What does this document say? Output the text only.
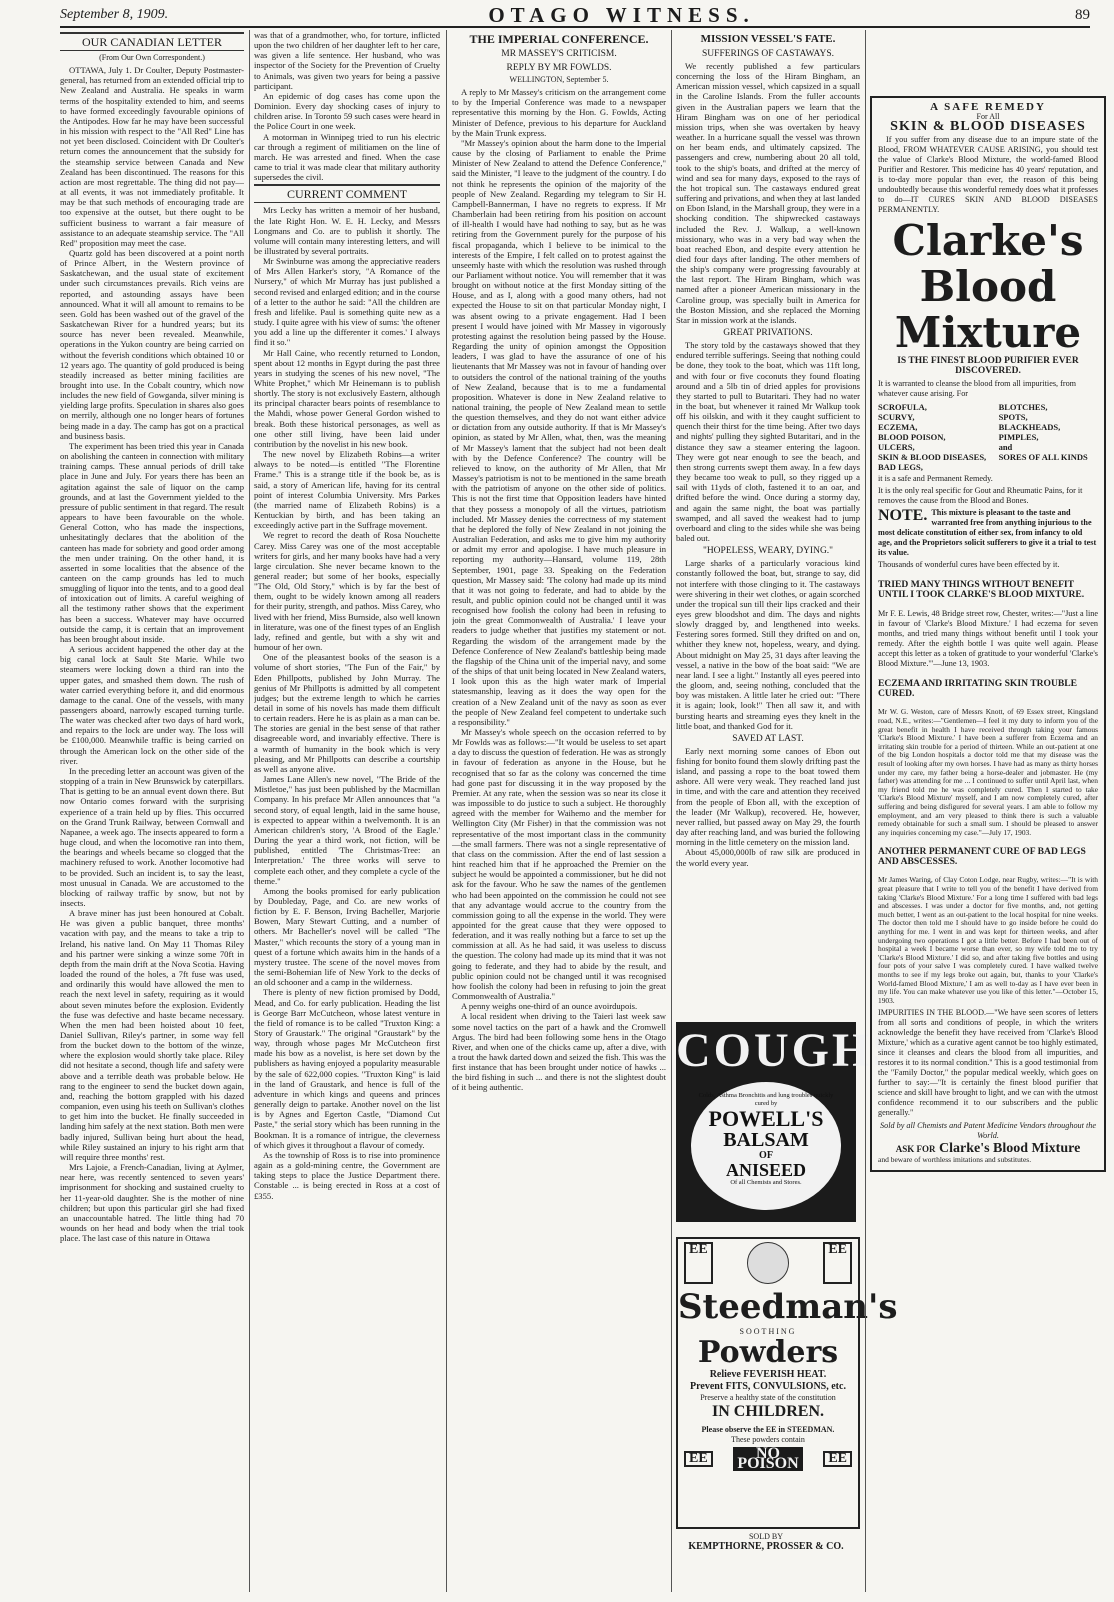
September 8, 1909.	OTAGO WITNESS.	89
OUR CANADIAN LETTER

(From Our Own Correspondent.)

OTTAWA, July 1. Dr Coulter, Deputy Postmaster-general, has returned from an extended official trip to New Zealand and Australia. He speaks in warm terms of the hospitality extended to him, and seems to have formed exceedingly favourable opinions of the Antipodes. How far he may have been successful in his mission with respect to the "All Red" Line has not yet been disclosed. Coincident with Dr Coulter's return comes the announcement that the subsidy for the steamship service between Canada and New Zealand has been discontinued. The reasons for this action are most regrettable. The thing did not pay—at all events, it was not immediately profitable. It may be that such methods of encouraging trade are too expensive at the outset, but there ought to be sufficient business to warrant a fair measure of assistance to an adequate steamship service. The "All Red" proposition may meet the case.

Quartz gold has been discovered at a point north of Prince Albert, in the Western province of Saskatchewan, and the usual state of excitement under such circumstances prevails. Rich veins are reported, and astounding assays have been announced. What it will all amount to remains to be seen. Gold has been washed out of the gravel of the Saskatchewan River for a hundred years; but its source has never been revealed. Meanwhile, operations in the Yukon country are being carried on without the feverish conditions which obtained 10 or 12 years ago. The quantity of gold produced is being steadily increased as better mining facilities are brought into use. In the Cobalt country, which now includes the new field of Gowganda, silver mining is yielding large profits. Speculation in shares also goes on merrily, although one no longer hears of fortunes being made in a day. The camp has got on a practical and business basis.

The experiment has been tried this year in Canada on abolishing the canteen in connection with military training camps. These annual periods of drill take place in June and July. For years there has been an agitation against the sale of liquor on the camp grounds, and at last the Government yielded to the pressure of public sentiment in that regard. The result appears to have been favourable on the whole. General Cotton, who has made the inspections, unhesitatingly declares that the abolition of the canteen has made for sobriety and good order among the men under training. On the other hand, it is asserted in some localities that the absence of the canteen on the camp grounds has led to much smuggling of liquor into the tents, and to a good deal of intoxication out of limits. A careful weighing of all the testimony rather shows that the experiment has been a success. Whatever may have occurred outside the camp, it is certain that an improvement has been brought about inside.

A serious accident happened the other day at the big canal lock at Sault Ste Marie. While two steamers were locking down a third ran into the upper gates, and smashed them down. The rush of water carried everything before it, and did enormous damage to the canal. One of the vessels, with many passengers aboard, narrowly escaped turning turtle. The water was checked after two days of hard work, and repairs to the lock are under way. The loss will be £100,000. Meanwhile traffic is being carried on through the American lock on the other side of the river.

In the preceding letter an account was given of the stopping of a train in New Brunswick by caterpillars. That is getting to be an annual event down there. But now Ontario comes forward with the surprising experience of a train held up by flies. This occurred on the Grand Trunk Railway, between Cornwall and Napanee, a week ago. The insects appeared to form a huge cloud, and when the locomotive ran into them, the bearings and wheels became so clogged that the machinery refused to work. Another locomotive had to be provided. Such an incident is, to say the least, most unusual in Canada. We are accustomed to the blocking of railway traffic by snow, but not by insects.

A brave miner has just been honoured at Cobalt. He was given a public banquet, three months' vacation with pay, and the means to take a trip to Ireland, his native land. On May 11 Thomas Riley and his partner were sinking a winze some 70ft in depth from the main drift at the Nova Scotia. Having loaded the round of the holes, a 7ft fuse was used, and ordinarily this would have allowed the men to reach the next level in safety, requiring as it would about seven minutes before the explosion. Evidently the fuse was defective and haste became necessary. When the men had been hoisted about 10 feet, Daniel Sullivan, Riley's partner, in some way fell from the bucket down to the bottom of the winze, where the explosion would shortly take place. Riley did not hesitate a second, though life and safety were above and a terrible death was probable below. He rang to the engineer to send the bucket down again, and, reaching the bottom grappled with his dazed companion, even using his teeth on Sullivan's clothes to get him into the bucket. He finally succeeded in landing him safely at the next station. Both men were badly injured, Sullivan being hurt about the head, while Riley sustained an injury to his right arm that will require three months' rest.

Mrs Lajoie, a French-Canadian, living at Aylmer, near here, was recently sentenced to seven years' imprisonment for shocking and sustained cruelty to her 11-year-old daughter. She is the mother of nine children; but upon this particular girl she had fixed an unaccountable hatred. The little thing had 70 wounds on her head and body when the trial took place. The last case of this nature in Ottawa

was that of a grandmother, who, for torture, inflicted upon the two children of her daughter left to her care, was given a life sentence. Her husband, who was inspector of the Society for the Prevention of Cruelty to Animals, was given two years for being a passive participant.

An epidemic of dog cases has come upon the Dominion. Every day shocking cases of injury to children arise. In Toronto 59 such cases were heard in the Police Court in one week.

A motorman in Winnipeg tried to run his electric car through a regiment of militiamen on the line of march. He was arrested and fined. When the case came to trial it was made clear that military authority supersedes the civil.

CURRENT COMMENT

Mrs Lecky has written a memoir of her husband, the late Right Hon. W. E. H. Lecky, and Messrs Longmans and Co. are to publish it shortly. The volume will contain many interesting letters, and will be illustrated by several portraits.

Mr Swinburne was among the appreciative readers of Mrs Allen Harker's story, "A Romance of the Nursery," of which Mr Murray has just published a second revised and enlarged edition; and in the course of a letter to the author he said: "All the children are fresh and lifelike. Paul is something quite new as a study. I quite agree with his view of sums: 'the oftener you add a line up the differenter it comes.' I always find it so."

Mr Hall Caine, who recently returned to London, spent about 12 months in Egypt during the past three years in studying the scenes of his new novel, "The White Prophet," which Mr Heinemann is to publish shortly. The story is not exclusively Eastern, although its principal character bears points of resemblance to the Mahdi, whose power General Gordon wished to break. Both these historical personages, as well as one other still living, have been laid under contribution by the novelist in his new book.

The new novel by Elizabeth Robins—a writer always to be noted—is entitled "The Florentine Frame." This is a strange title if the book be, as is said, a story of American life, having for its central point of interest Columbia University. Mrs Parkes (the married name of Elizabeth Robins) is a Kentuckian by birth, and has been taking an exceedingly active part in the Suffrage movement.

We regret to record the death of Rosa Nouchette Carey. Miss Carey was one of the most acceptable writers for girls, and her many books have had a very large circulation. She never became known to the general reader; but some of her books, especially "The Old, Old Story," which is by far the best of them, ought to be widely known among all readers for their purity, strength, and pathos. Miss Carey, who lived with her friend, Miss Burnside, also well known in literature, was one of the finest types of an English lady, refined and gentle, but with a shy wit and humour of her own.

One of the pleasantest books of the season is a volume of short stories, "The Fun of the Fair," by Eden Phillpotts, published by John Murray. The genius of Mr Phillpotts is admitted by all competent judges; but the extreme length to which he carries detail in some of his novels has made them difficult to certain readers. Here he is as plain as a man can be. The stories are genial in the best sense of that rather disagreeable word, and invariably effective. There is a warmth of humanity in the book which is very pleasing, and Mr Phillpotts can describe a courtship as well as anyone alive.

James Lane Allen's new novel, "The Bride of the Mistletoe," has just been published by the Macmillan Company. In his preface Mr Allen announces that "a second story, of equal length, laid in the same house, is expected to appear within a twelvemonth. It is an American children's story, 'A Brood of the Eagle.' During the year a third work, not fiction, will be published, entitled 'The Christmas-Tree: an Interpretation.' The three works will serve to complete each other, and they complete a cycle of the theme."

Among the books promised for early publication by Doubleday, Page, and Co. are new works of fiction by E. F. Benson, Irving Bacheller, Marjorie Bowen, Mary Stewart Cutting, and a number of others. Mr Bacheller's novel will be called "The Master," which recounts the story of a young man in quest of a fortune which awaits him in the hands of a mystery trustee. The scene of the novel moves from the semi-Bohemian life of New York to the decks of an old schooner and a camp in the wilderness.

There is plenty of new fiction promised by Dodd, Mead, and Co. for early publication. Heading the list is George Barr McCutcheon, whose latest venture in the field of romance is to be called "Truxton King: a Story of Graustark." The original "Graustark" by the way, through whose pages Mr McCutcheon first made his bow as a novelist, is here set down by the publishers as having enjoyed a popularity measurable by the sale of 622,000 copies. "Truxton King" is laid in the land of Graustark, and hence is full of the adventure in which kings and queens and princes generally deign to partake. Another novel on the list is by Agnes and Egerton Castle, "Diamond Cut Paste," the serial story which has been running in the Bookman. It is a romance of intrigue, the cleverness of which gives it throughout a flavour of comedy.

As the township of Ross is to rise into prominence again as a gold-mining centre, the Government are taking steps to place the Justice Department there. Constable ... is being erected in Ross at a cost of £355.

THE IMPERIAL CONFERENCE.
MR MASSEY'S CRITICISM.
REPLY BY MR FOWLDS.

WELLINGTON, September 5.

A reply to Mr Massey's criticism on the arrangement come to by the Imperial Conference was made to a newspaper representative this morning by the Hon. G. Fowlds, Acting Minister of Defence, previous to his departure for Auckland by the Main Trunk express.

"Mr Massey's opinion about the harm done to the Imperial cause by the closing of Parliament to enable the Prime Minister of New Zealand to attend the Defence Conference," said the Minister, "I leave to the judgment of the country. I do not think he represents the opinion of the majority of the people of New Zealand. Regarding my telegram to Sir H. Campbell-Bannerman, I have no regrets to express. If Mr Chamberlain had been retiring from his position on account of ill-health I would have had nothing to say, but as he was retiring from the Government purely for the purpose of his fiscal propaganda, which I believe to be inimical to the interests of the Empire, I felt called on to protest against the unseemly haste with which the resolution was rushed through our Parliament without notice. You will remember that it was brought on without notice at the first Monday sitting of the House, and as I, along with a good many others, had not expected the House to sit on that particular Monday night, I was absent owing to a private engagement. Had I been present I would have joined with Mr Massey in vigorously protesting against the resolution being passed by the House. Regarding the unity of opinion amongst the Opposition leaders, I was glad to have the assurance of one of his lieutenants that Mr Massey was not in favour of handing over to outsiders the control of the national training of the youths of New Zealand, because that is to me a fundamental proposition. Whatever is done in New Zealand relative to national training, the people of New Zealand mean to settle the question themselves, and they do not want either advice or dictation from any outside authority. If that is Mr Massey's opinion, as stated by Mr Allen, what, then, was the meaning of Mr Massey's lament that the subject had not been dealt with by the Defence Conference? The country will be relieved to know, on the authority of Mr Allen, that Mr Massey's patriotism is not to be mentioned in the same breath with the patriotism of anyone on the other side of politics. This is not the first time that Opposition leaders have hinted that they possess a monopoly of all the virtues, patriotism included. Mr Massey denies the correctness of my statement that he deplored the folly of New Zealand in not joining the Australian Federation, and asks me to give him my authority or admit my error and apologise. I have much pleasure in reporting my authority—Hansard, volume 119, 28th September, 1901, page 33. Speaking on the Federation question, Mr Massey said: 'The colony had made up its mind that it was not going to federate, and had to abide by the result, and public opinion could not be changed until it was recognised how foolish the colony had been in refusing to join the great Commonwealth of Australia.' I leave your readers to judge whether that justifies my statement or not. Regarding the wisdom of the arrangement made by the Defence Conference of New Zealand's battleship being made the flagship of the China unit of the imperial navy, and some of the ships of that unit being located in New Zealand waters, I look upon this as the high water mark of Imperial statesmanship, leaving as it does the way open for the creation of a New Zealand unit of the navy as soon as ever the people of New Zealand feel competent to undertake such a responsibility."

Mr Massey's whole speech on the occasion referred to by Mr Fowlds was as follows:—"It would be useless to set apart a day to discuss the question of federation. He was as strongly in favour of federation as anyone in the House, but he recognised that so far as the colony was concerned the time had gone past for discussing it in the way proposed by the Premier. At any rate, when the session was so near its close it was impossible to do justice to such a subject. He thoroughly agreed with the member for Waihemo and the member for Wellington City (Mr Fisher) in that the commission was not representative of the most important class in the community—the small farmers. There was not a single representative of that class on the commission. After the end of last session a hint reached him that if he approached the Premier on the subject he would be appointed a commissioner, but he did not ask for the favour. Who he saw the names of the gentlemen who had been appointed on the commission he could not see that any advantage would accrue to the country from the commission going to all the expense in the world. They were appointed for the great cause that they were opposed to federation, and it was really nothing but a farce to set up the commission at all. As he had said, it was useless to discuss the question. The colony had made up its mind that it was not going to federate, and they had to abide by the result, and public opinion could not be changed until it was recognised how foolish the colony had been in refusing to join the great Commonwealth of Australia."

A penny weighs one-third of an ounce avoirdupois.

A local resident when driving to the Taieri last week saw some novel tactics on the part of a hawk and the Cromwell Argus. The bird had been following some hens in the Otago River, and when one of the chicks came up, after a dive, with a trout the hawk darted down and seized the fish. This was the first instance that has been brought under notice of hawks ... the bird fishing in such ... and there is not the slightest doubt of it being authentic.

MISSION VESSEL'S FATE.
SUFFERINGS OF CASTAWAYS.

We recently published a few particulars concerning the loss of the Hiram Bingham, an American mission vessel, which capsized in a squall in the Caroline Islands. From the fuller accounts given in the Australian papers we learn that the Hiram Bingham was on one of her periodical mission trips, when she was overtaken by heavy weather. In a hurricane squall the vessel was thrown on her beam ends, and ultimately capsized. The passengers and crew, numbering about 20 all told, took to the ship's boats, and drifted at the mercy of wind and sea for many days, exposed to the rays of the hot tropical sun. The castaways endured great suffering and privations, and when they at last landed on Ebon Island, in the Marshall group, they were in a shocking condition. The shipwrecked castaways included the Rev. J. Walkup, a well-known missionary, who was in a very bad way when the boat reached Ebon, and despite every attention he died four days after landing. The other members of the ship's company were progressing favourably at the last report. The Hiram Bingham, which was named after a pioneer American missionary in the Caroline group, was specially built in America for the Boston Mission, and she replaced the Morning Star in mission work at the islands.

GREAT PRIVATIONS.

The story told by the castaways showed that they endured terrible sufferings. Seeing that nothing could be done, they took to the boat, which was 11ft long, and with four or five coconuts they found floating around and a 5lb tin of dried apples for provisions they started to pull to Butaritari. They had no water in the boat, but whenever it rained Mr Walkup took off his oilskin, and with it they caught sufficient to quench their thirst for the time being. After two days and nights' pulling they sighted Butaritari, and in the distance they saw a steamer entering the lagoon. They were got near enough to see the beach, and then strong currents swept them away. In a few days they became too weak to pull, so they rigged up a sail with 11yds of cloth, fastened it to an oar, and drifted before the wind. Once during a stormy day, and again the same night, the boat was partially swamped, and all saved the weakest had to jump overboard and cling to the sides while she was being baled out.

"HOPELESS, WEARY, DYING."

Large sharks of a particularly voracious kind constantly followed the boat, but, strange to say, did not interfere with those clinging to it. The castaways were shivering in their wet clothes, or again scorched under the tropical sun till their lips cracked and their eyes grew bloodshot and dim. The days and nights slowly dragged by, and lengthened into weeks. Festering sores formed. Still they drifted on and on, whither they knew not, hopeless, weary, and dying. About midnight on May 25, 31 days after leaving the vessel, a native in the bow of the boat said: "We are near land. I see a light." Instantly all eyes peered into the gloom, and, seeing nothing, concluded that the boy was mistaken. A little later he cried out: "There it is again; look, look!" Then all saw it, and with bursting hearts and streaming eyes they knelt in the little boat, and thanked God for it.

SAVED AT LAST.

Early next morning some canoes of Ebon out fishing for bonito found them slowly drifting past the island, and passing a rope to the boat towed them ashore. All were very weak. They reached land just in time, and with the care and attention they received from the people of Ebon all, with the exception of the leader (Mr Walkup), recovered. He, however, never rallied, but passed away on May 29, the fourth day after reaching land, and was buried the following morning in the little cemetery on the mission land.

About 45,000,000lb of raw silk are produced in the world every year.

COUGHS
Colds, Asthma Bronchitis and lung troubles quickly cured by
POWELL'S
BALSAM
OF
ANISEED
Of all Chemists and Stores.
EE	EE
Steedman's
SOOTHING
Powders
Relieve FEVERISH HEAT.
Prevent FITS, CONVULSIONS, etc.
Preserve a healthy state of the constitution
IN CHILDREN.
Please observe the EE in STEEDMAN.
These powders contain
EE	NO POISON	EE
SOLD BY
KEMPTHORNE, PROSSER & CO.
A SAFE REMEDY
For All
SKIN & BLOOD DISEASES

If you suffer from any disease due to an impure state of the Blood, FROM WHATEVER CAUSE ARISING, you should test the value of Clarke's Blood Mixture, the world-famed Blood Purifier and Restorer. This medicine has 40 years' reputation, and is to-day more popular than ever, the reason of this being undoubtedly because this wonderful remedy does what it professes to do—IT CURES SKIN AND BLOOD DISEASES PERMANENTLY.

Clarke's
Blood
Mixture
IS THE FINEST BLOOD PURIFIER EVER DISCOVERED.

It is warranted to cleanse the blood from all impurities, from whatever cause arising. For

SCROFULA,
SCURVY,
ECZEMA,
BLOOD POISON,
ULCERS,
SKIN & BLOOD DISEASES,
BAD LEGS,

BLOTCHES,
SPOTS,
BLACKHEADS,
PIMPLES,
and
SORES OF ALL KINDS

it is a safe and Permanent Remedy.

It is the only real specific for Gout and Rheumatic Pains, for it removes the cause from the Blood and Bones.

NOTE. This mixture is pleasant to the taste and warranted free from anything injurious to the most delicate constitution of either sex, from infancy to old age, and the Proprietors solicit sufferers to give it a trial to test its value.

Thousands of wonderful cures have been effected by it.

TRIED MANY THINGS WITHOUT BENEFIT UNTIL I TOOK CLARKE'S BLOOD MIXTURE.

Mr F. E. Lewis, 48 Bridge street row, Chester, writes:—"Just a line in favour of 'Clarke's Blood Mixture.' I had eczema for seven months, and tried many things without benefit until I took your remedy. After the eighth bottle I was quite well again. Please accept this letter as a token of gratitude to your wonderful 'Clarke's Blood Mixture.'"—June 13, 1903.

ECZEMA AND IRRITATING SKIN TROUBLE CURED.

Mr W. G. Weston, care of Messrs Knott, of 69 Essex street, Kingsland road, N.E., writes:—"Gentlemen—I feel it my duty to inform you of the great benefit in health I have received through taking your famous 'Clarke's Blood Mixture.' I have been a sufferer from Eczema and an irritating skin trouble for a period of thirteen. While an out-patient at one of the big London hospitals a doctor told me that my disease was the result of looking after my own horses. I have had as many as thirty horses under my care, my father being a horse-dealer and jobmaster. He (my father) was attending for me ... I continued to suffer until April last, when my friend told me he was completely cured. Then I started to take 'Clarke's Blood Mixture' myself, and I am now completely cured, after suffering and being disfigured for several years. I am able to follow my employment, and am very pleased to think there is such a valuable remedy obtainable for such a small sum. I should be pleased to answer any inquiries concerning my case."—July 17, 1903.

ANOTHER PERMANENT CURE OF BAD LEGS AND ABSCESSES.

Mr James Waring, of Clay Coton Lodge, near Rugby, writes:—"It is with great pleasure that I write to tell you of the benefit I have derived from taking 'Clarke's Blood Mixture.' For a long time I suffered with bad legs and abscesses. I was under a doctor for five months, and, not getting much better, I went as an out-patient to the local hospital for nine weeks. The doctor then told me I should have to go inside before he could do anything for me. I went in and was kept for thirteen weeks, and after undergoing two operations I got a little better. Before I had been out of hospital a week I became worse than ever, so my wife told me to try 'Clarke's Blood Mixture.' I did so, and after taking five bottles and using four pots of your salve I was completely cured. I have walked twelve months to see if my legs broke out again, but, thanks to your 'Clarke's World-famed Blood Mixture,' I am as well to-day as I have ever been in my life. You can make whatever use you like of this letter."—October 15, 1903.

IMPURITIES IN THE BLOOD.—"We have seen scores of letters from all sorts and conditions of people, in which the writers acknowledge the benefit they have received from 'Clarke's Blood Mixture,' which as a curative agent cannot be too highly estimated, since it cleanses and clears the blood from all impurities, and restores it to its normal condition." This is a good testimonial from the "Family Doctor," the popular medical weekly, which goes on further to say:—"It is certainly the finest blood purifier that science and skill have brought to light, and we can with the utmost confidence recommend it to our subscribers and the public generally."

Sold by all Chemists and Patent Medicine Vendors throughout the World.

ASK FOR Clarke's Blood Mixture

and beware of worthless imitations and substitutes.
